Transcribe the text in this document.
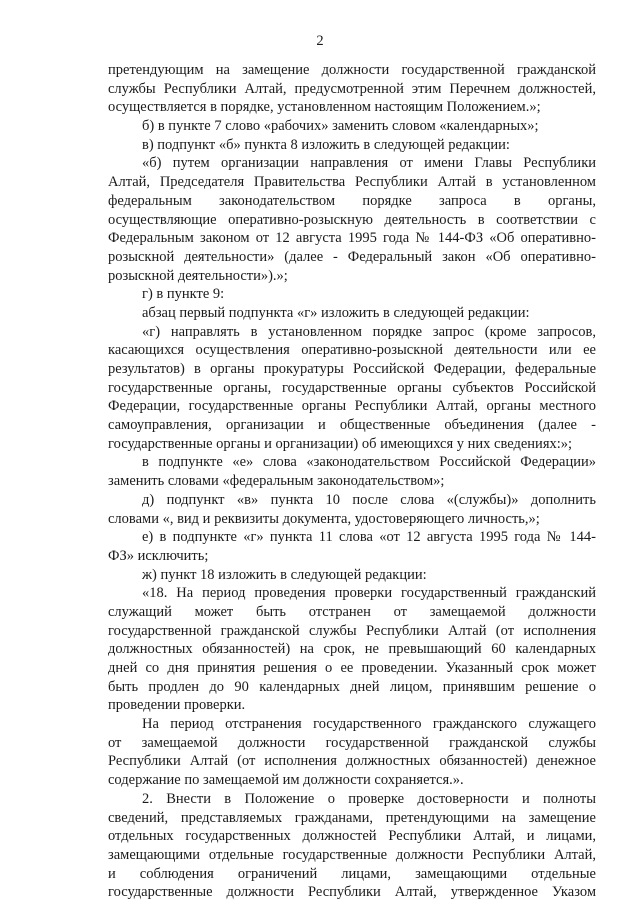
2
претендующим на замещение должности государственной гражданской
службы Республики Алтай, предусмотренной этим Перечнем должностей,
осуществляется в порядке, установленном настоящим Положением.»;
б) в пункте 7 слово «рабочих» заменить словом «календарных»;
в) подпункт «б» пункта 8 изложить в следующей редакции:
«б) путем организации направления от имени Главы Республики
Алтай, Председателя Правительства Республики Алтай в установленном
федеральным законодательством порядке запроса в органы,
осуществляющие оперативно-розыскную деятельность в соответствии с
Федеральным законом от 12 августа 1995 года № 144-ФЗ «Об оперативно-
розыскной деятельности» (далее - Федеральный закон «Об оперативно-
розыскной деятельности»).»;
г) в пункте 9:
абзац первый подпункта «г» изложить в следующей редакции:
«г) направлять в установленном порядке запрос (кроме запросов,
касающихся осуществления оперативно-розыскной деятельности или ее
результатов) в органы прокуратуры Российской Федерации, федеральные
государственные органы, государственные органы субъектов Российской
Федерации, государственные органы Республики Алтай, органы местного
самоуправления, организации и общественные объединения (далее -
государственные органы и организации) об имеющихся у них сведениях:»;
в подпункте «е» слова «законодательством Российской Федерации»
заменить словами «федеральным законодательством»;
д) подпункт «в» пункта 10 после слова «(службы)» дополнить
словами «, вид и реквизиты документа, удостоверяющего личность,»;
е) в подпункте «г» пункта 11 слова «от 12 августа 1995 года № 144-
ФЗ» исключить;
ж) пункт 18 изложить в следующей редакции:
«18. На период проведения проверки государственный гражданский
служащий может быть отстранен от замещаемой должности
государственной гражданской службы Республики Алтай (от исполнения
должностных обязанностей) на срок, не превышающий 60 календарных
дней со дня принятия решения о ее проведении. Указанный срок может
быть продлен до 90 календарных дней лицом, принявшим решение о
проведении проверки.
На период отстранения государственного гражданского служащего
от замещаемой должности государственной гражданской службы
Республики Алтай (от исполнения должностных обязанностей) денежное
содержание по замещаемой им должности сохраняется.».
2. Внести в Положение о проверке достоверности и полноты
сведений, представляемых гражданами, претендующими на замещение
отдельных государственных должностей Республики Алтай, и лицами,
замещающими отдельные государственные должности Республики Алтай,
и соблюдения ограничений лицами, замещающими отдельные
государственные должности Республики Алтай, утвержденное Указом
